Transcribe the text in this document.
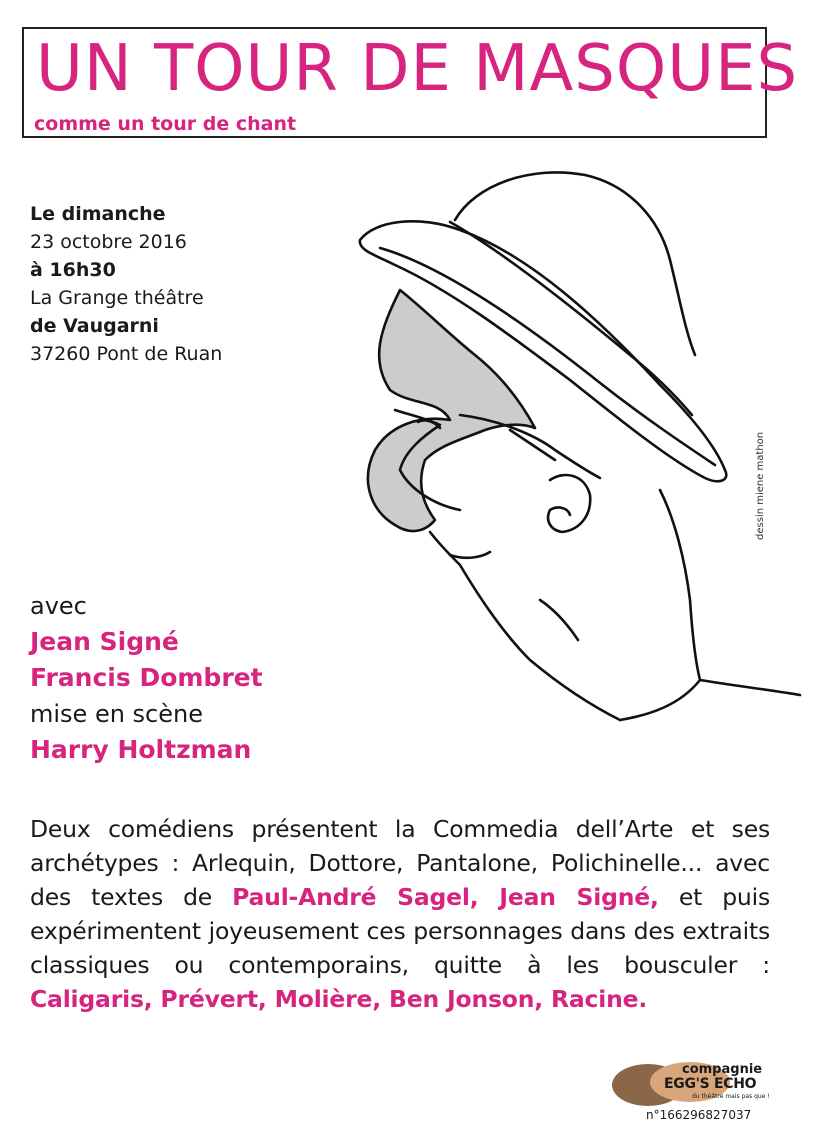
UN TOUR DE MASQUES
comme un tour de chant
Le dimanche
23 octobre 2016
à 16h30
La Grange théâtre
de Vaugarni
37260 Pont de Ruan
dessin miene mathon
avec
Jean Signé
Francis Dombret
mise en scène
Harry Holtzman
Deux comédiens présentent la Commedia dell’Arte et ses archétypes : Arlequin, Dottore, Pantalone, Polichinelle... avec des textes de Paul-André Sagel, Jean Signé, et puis expérimentent joyeusement ces personnages dans des extraits classiques ou contemporains, quitte à les bousculer : Caligaris, Prévert, Molière, Ben Jonson, Racine.
compagnie
EGG'S ECHO
du théâtre mais pas que !
n°166296827037
